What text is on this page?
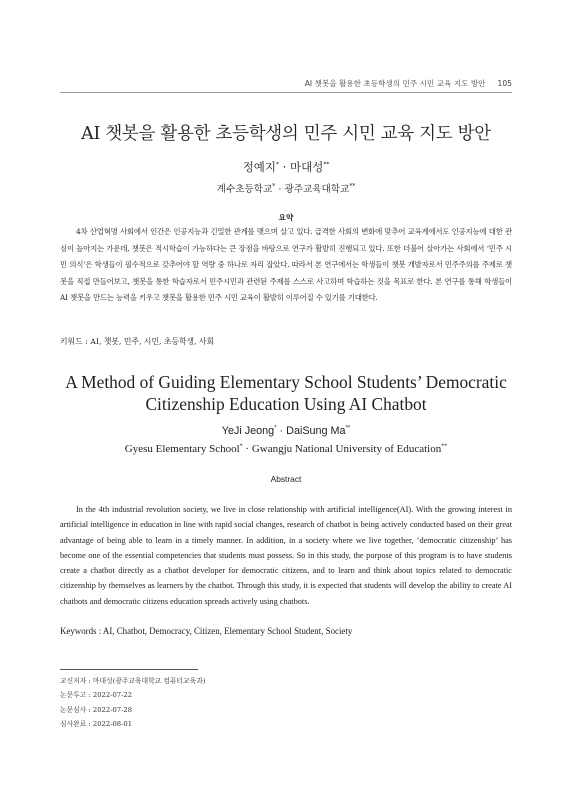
AI 챗봇을 활용한 초등학생의 민주 시민 교육 지도 방안 105
AI 챗봇을 활용한 초등학생의 민주 시민 교육 지도 방안
정예지* · 마대성**
계수초등학교* · 광주교육대학교**
요약

4차 산업혁명 사회에서 인간은 인공지능과 긴밀한 관계를 맺으며 살고 있다. 급격한 사회의 변화에 맞추어 교육계에서도 인공지능에 대한 관심이 높아지는 가운데, 챗봇은 적시학습이 가능하다는 큰 장점을 바탕으로 연구가 활발히 진행되고 있다. 또한 더불어 살아가는 사회에서 ‘민주 시민 의식’은 학생들이 필수적으로 갖추어야 할 역량 중 하나로 자리 잡았다. 따라서 본 연구에서는 학생들이 챗봇 개발자로서 민주주의를 주제로 챗봇을 직접 만들어보고, 챗봇을 통한 학습자로서 민주시민과 관련된 주제를 스스로 사고하며 학습하는 것을 목표로 한다. 본 연구를 통해 학생들이 AI 챗봇을 만드는 능력을 키우고 챗봇을 활용한 민주 시민 교육이 활발히 이루어질 수 있기를 기대한다.

키워드 : AI, 챗봇, 민주, 시민, 초등학생, 사회
A Method of Guiding Elementary School Students’ Democratic Citizenship Education Using AI Chatbot
YeJi Jeong* · DaiSung Ma**
Gyesu Elementary School* · Gwangju National University of Education**
Abstract

In the 4th industrial revolution society, we live in close relationship with artificial intelligence(AI). With the growing interest in artificial intelligence in education in line with rapid social changes, research of chatbot is being actively conducted based on their great advantage of being able to learn in a timely manner. In addition, in a society where we live together, ‘democratic citizenship’ has become one of the essential competencies that students must possess. So in this study, the purpose of this program is to have students create a chatbot directly as a chatbot developer for democratic citizens, and to learn and think about topics related to democratic citizenship by themselves as learners by the chatbot. Through this study, it is expected that students will develop the ability to create AI chatbots and democratic citizens education spreads actively using chatbots.

Keywords : AI, Chatbot, Democracy, Citizen, Elementary School Student, Society
교신저자 : 마대성(광주교육대학교 컴퓨터교육과)
논문투고 : 2022-07-22
논문심사 : 2022-07-28
심사완료 : 2022-08-01
